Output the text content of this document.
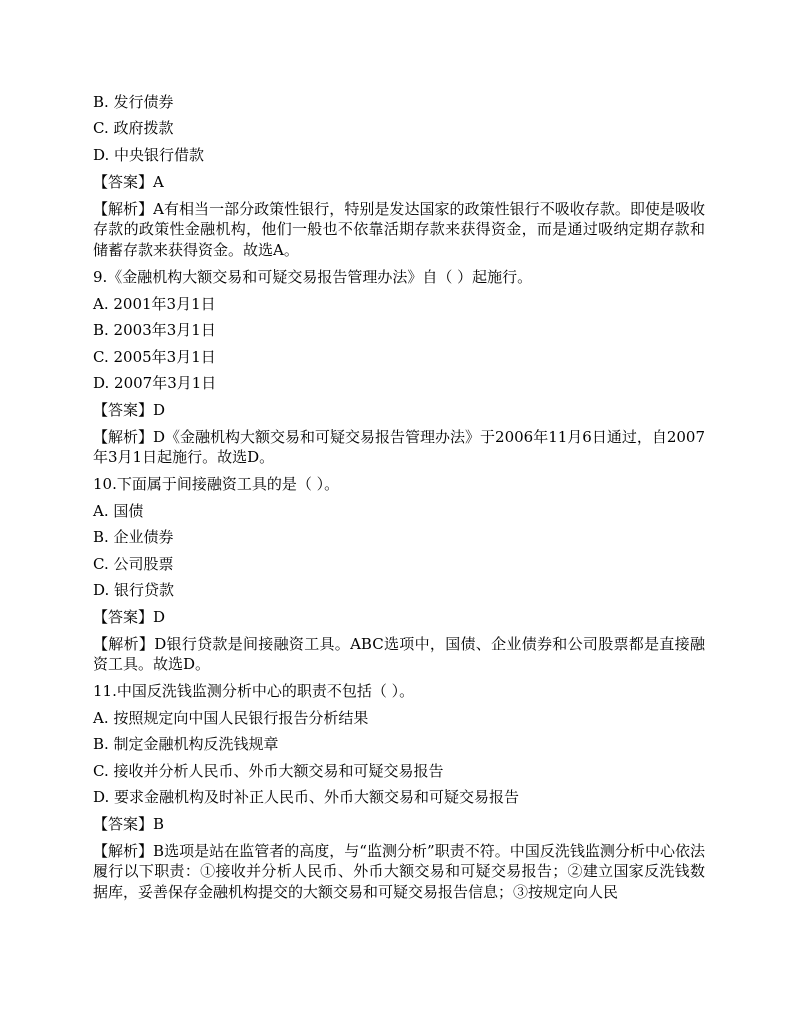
B. 发行债券
C. 政府拨款
D. 中央银行借款
【答案】A
【解析】A有相当一部分政策性银行，特别是发达国家的政策性银行不吸收存款。即使是吸收存款的政策性金融机构，他们一般也不依靠活期存款来获得资金，而是通过吸纳定期存款和储蓄存款来获得资金。故选A。
9.《金融机构大额交易和可疑交易报告管理办法》自（ ）起施行。
A. 2001年3月1日
B. 2003年3月1日
C. 2005年3月1日
D. 2007年3月1日
【答案】D
【解析】D《金融机构大额交易和可疑交易报告管理办法》于2006年11月6日通过，自2007年3月1日起施行。故选D。
10.下面属于间接融资工具的是（ ）。
A. 国债
B. 企业债券
C. 公司股票
D. 银行贷款
【答案】D
【解析】D银行贷款是间接融资工具。ABC选项中，国债、企业债券和公司股票都是直接融资工具。故选D。
11.中国反洗钱监测分析中心的职责不包括（ ）。
A. 按照规定向中国人民银行报告分析结果
B. 制定金融机构反洗钱规章
C. 接收并分析人民币、外币大额交易和可疑交易报告
D. 要求金融机构及时补正人民币、外币大额交易和可疑交易报告
【答案】B
【解析】B选项是站在监管者的高度，与“监测分析”职责不符。中国反洗钱监测分析中心依法履行以下职责：①接收并分析人民币、外币大额交易和可疑交易报告；②建立国家反洗钱数据库，妥善保存金融机构提交的大额交易和可疑交易报告信息；③按规定向人民
